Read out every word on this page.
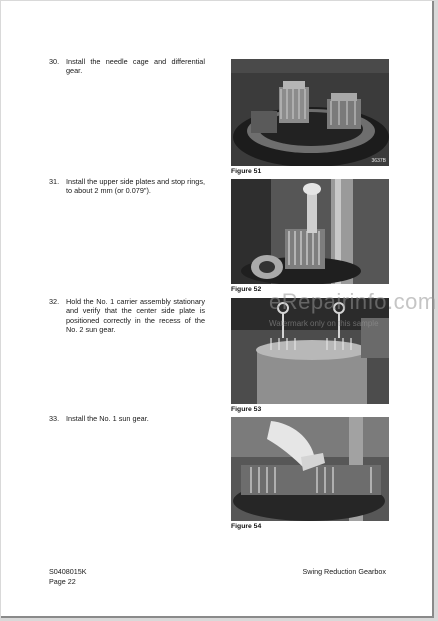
30. Install the needle cage and differential gear.
3637B
Figure 51
31. Install the upper side plates and stop rings, to about 2 mm (or 0.079").
Figure 52
32. Hold the No. 1 carrier assembly stationary and verify that the center side plate is positioned correctly in the recess of the No. 2 sun gear.
Figure 53
33. Install the No. 1 sun gear.
Figure 54
eRepairinfo.com
Watermark only on this sample
S0408015K
Page 22
Swing Reduction Gearbox
